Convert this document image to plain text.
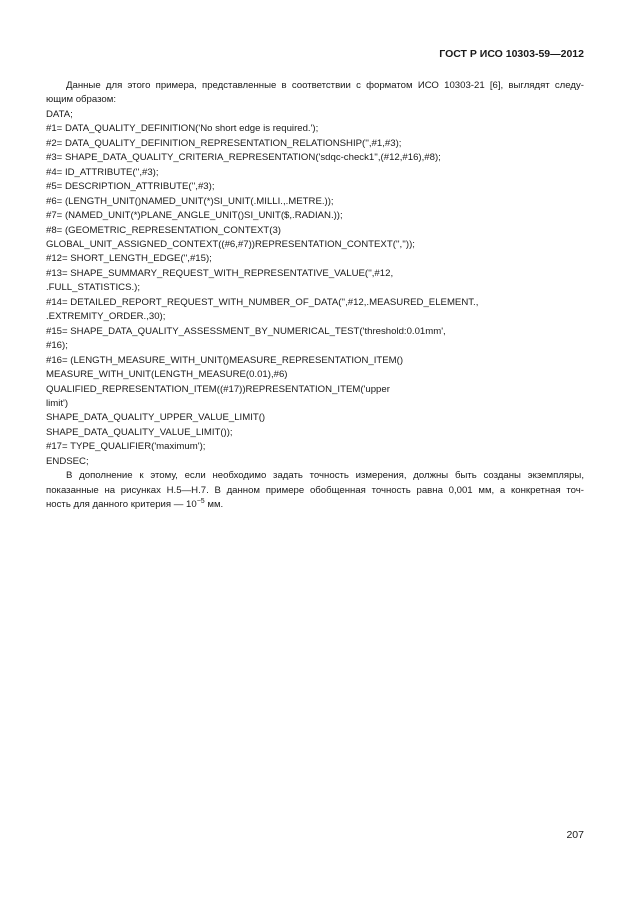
ГОСТ Р ИСО 10303-59—2012
Данные для этого примера, представленные в соответствии с форматом ИСО 10303-21 [6], выглядят следу-
ющим образом:
DATA;
#1= DATA_QUALITY_DEFINITION('No short edge is required.');
#2= DATA_QUALITY_DEFINITION_REPRESENTATION_RELATIONSHIP('',#1,#3);
#3= SHAPE_DATA_QUALITY_CRITERIA_REPRESENTATION('sdqc-check1'',(#12,#16),#8);
#4= ID_ATTRIBUTE('',#3);
#5= DESCRIPTION_ATTRIBUTE('',#3);
#6= (LENGTH_UNIT()NAMED_UNIT(*)SI_UNIT(.MILLI.,.METRE.));
#7= (NAMED_UNIT(*)PLANE_ANGLE_UNIT()SI_UNIT($,.RADIAN.));
#8= (GEOMETRIC_REPRESENTATION_CONTEXT(3)
GLOBAL_UNIT_ASSIGNED_CONTEXT((#6,#7))REPRESENTATION_CONTEXT('',''));
#12= SHORT_LENGTH_EDGE('',#15);
#13= SHAPE_SUMMARY_REQUEST_WITH_REPRESENTATIVE_VALUE('',#12,
.FULL_STATISTICS.);
#14= DETAILED_REPORT_REQUEST_WITH_NUMBER_OF_DATA('',#12,.MEASURED_ELEMENT.,
.EXTREMITY_ORDER.,30);
#15= SHAPE_DATA_QUALITY_ASSESSMENT_BY_NUMERICAL_TEST('threshold:0.01mm',
#16);
#16= (LENGTH_MEASURE_WITH_UNIT()MEASURE_REPRESENTATION_ITEM()
MEASURE_WITH_UNIT(LENGTH_MEASURE(0.01),#6)
QUALIFIED_REPRESENTATION_ITEM((#17))REPRESENTATION_ITEM('upper
limit')
SHAPE_DATA_QUALITY_UPPER_VALUE_LIMIT()
SHAPE_DATA_QUALITY_VALUE_LIMIT());
#17= TYPE_QUALIFIER('maximum');
ENDSEC;
В дополнение к этому, если необходимо задать точность измерения, должны быть созданы экземпляры,
показанные на рисунках Н.5—Н.7. В данном примере обобщенная точность равна 0,001 мм, а конкретная точ-
ность для данного критерия — $10^{-5}$ мм.
207
